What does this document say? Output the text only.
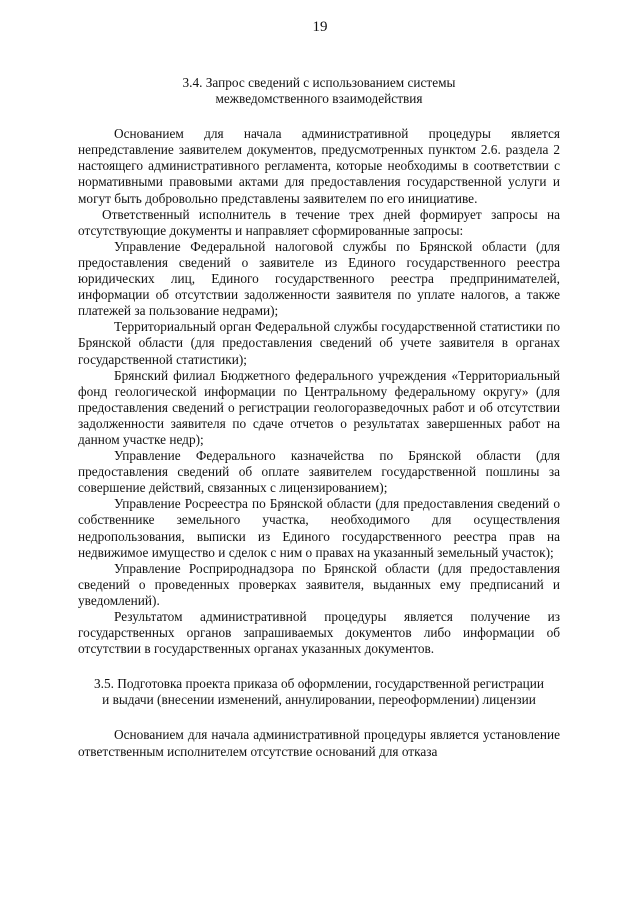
19
3.4. Запрос сведений с использованием системы
межведомственного взаимодействия

Основанием для начала административной процедуры является непредставление заявителем документов, предусмотренных пунктом 2.6. раздела 2 настоящего административного регламента, которые необходимы в соответствии с нормативными правовыми актами для предоставления государственной услуги и могут быть добровольно представлены заявителем по его инициативе.

Ответственный исполнитель в течение трех дней формирует запросы на отсутствующие документы и направляет сформированные запросы:

Управление Федеральной налоговой службы по Брянской области (для предоставления сведений о заявителе из Единого государственного реестра юридических лиц, Единого государственного реестра предпринимателей, информации об отсутствии задолженности заявителя по уплате налогов, а также платежей за пользование недрами);

Территориальный орган Федеральной службы государственной статистики по Брянской области (для предоставления сведений об учете заявителя в органах государственной статистики);

Брянский филиал Бюджетного федерального учреждения «Территориальный фонд геологической информации по Центральному федеральному округу» (для предоставления сведений о регистрации геологоразведочных работ и об отсутствии задолженности заявителя по сдаче отчетов о результатах завершенных работ на данном участке недр);

Управление Федерального казначейства по Брянской области (для предоставления сведений об оплате заявителем государственной пошлины за совершение действий, связанных с лицензированием);

Управление Росреестра по Брянской области (для предоставления сведений о собственнике земельного участка, необходимого для осуществления недропользования, выписки из Единого государственного реестра прав на недвижимое имущество и сделок с ним о правах на указанный земельный участок);

Управление Росприроднадзора по Брянской области (для предоставления сведений о проведенных проверках заявителя, выданных ему предписаний и уведомлений).

Результатом административной процедуры является получение из государственных органов запрашиваемых документов либо информации об отсутствии в государственных органах указанных документов.

3.5. Подготовка проекта приказа об оформлении, государственной регистрации
и выдачи (внесении изменений, аннулировании, переоформлении) лицензии

Основанием для начала административной процедуры является установление ответственным исполнителем отсутствие оснований для отказа
